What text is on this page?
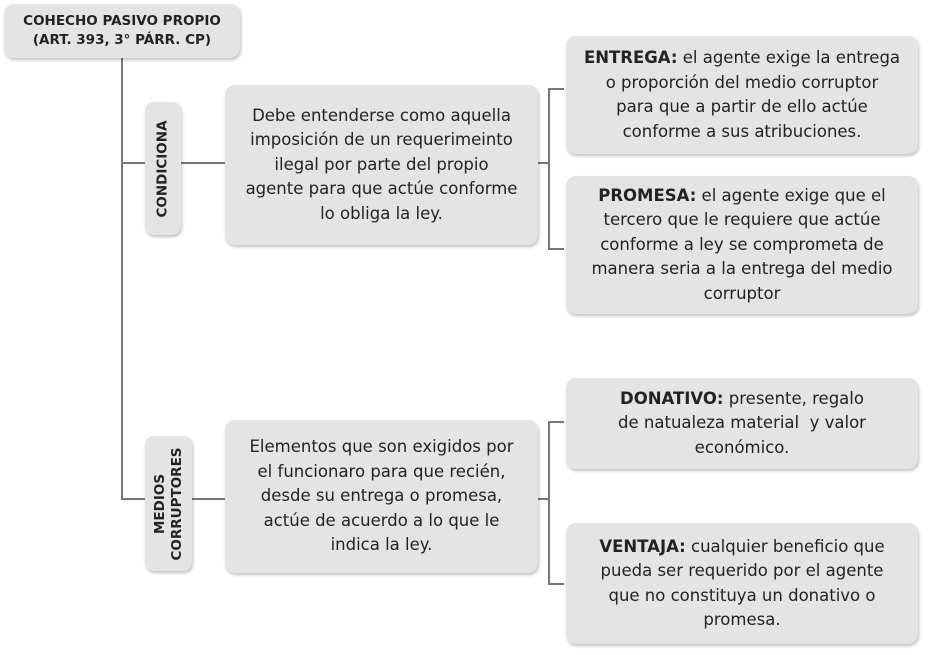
COHECHO PASIVO PROPIO
(ART. 393, 3° PÁRR. CP)
CONDICIONA
Debe entenderse como aquella
imposición de un requerimeinto
ilegal por parte del propio
agente para que actúe conforme
lo obliga la ley.
ENTREGA: el agente exige la entrega
o proporción del medio corruptor
para que a partir de ello actúe
conforme a sus atribuciones.
PROMESA: el agente exige que el
tercero que le requiere que actúe
conforme a ley se comprometa de
manera seria a la entrega del medio
corruptor
MEDIOS CORRUPTORES
Elementos que son exigidos por
el funcionaro para que recién,
desde su entrega o promesa,
actúe de acuerdo a lo que le
indica la ley.
DONATIVO: presente, regalo
de natualeza material  y valor
económico.
VENTAJA: cualquier beneficio que
pueda ser requerido por el agente
que no constituya un donativo o
promesa.
